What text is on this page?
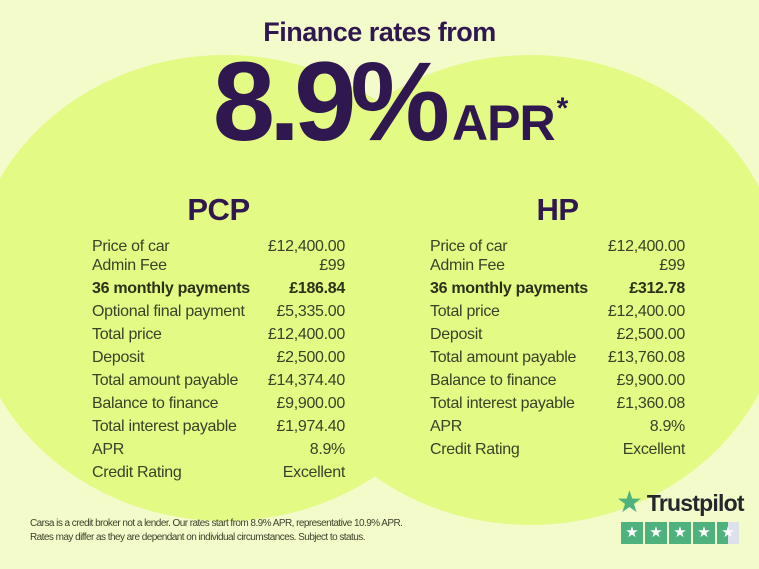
Finance rates from
8.9% APR *
PCP
Price of car	£12,400.00
Admin Fee	£99
36 monthly payments £186.84
Optional final payment £5,335.00
Total price	£12,400.00
Deposit	£2,500.00
Total amount payable £14,374.40
Balance to finance	£9,900.00
Total interest payable £1,974.40
APR	8.9%
Credit Rating	Excellent
HP
Price of car	£12,400.00
Admin Fee	£99
36 monthly payments	£312.78
Total price	£12,400.00
Deposit	£2,500.00
Total amount payable £13,760.08
Balance to finance	£9,900.00
Total interest payable	£1,360.08
APR	8.9%
Credit Rating	Excellent
Carsa is a credit broker not a lender. Our rates start from 8.9% APR, representative 10.9% APR.
Rates may differ as they are dependant on individual circumstances. Subject to status.
★ Trustpilot
★ ★ ★ ★ ★
